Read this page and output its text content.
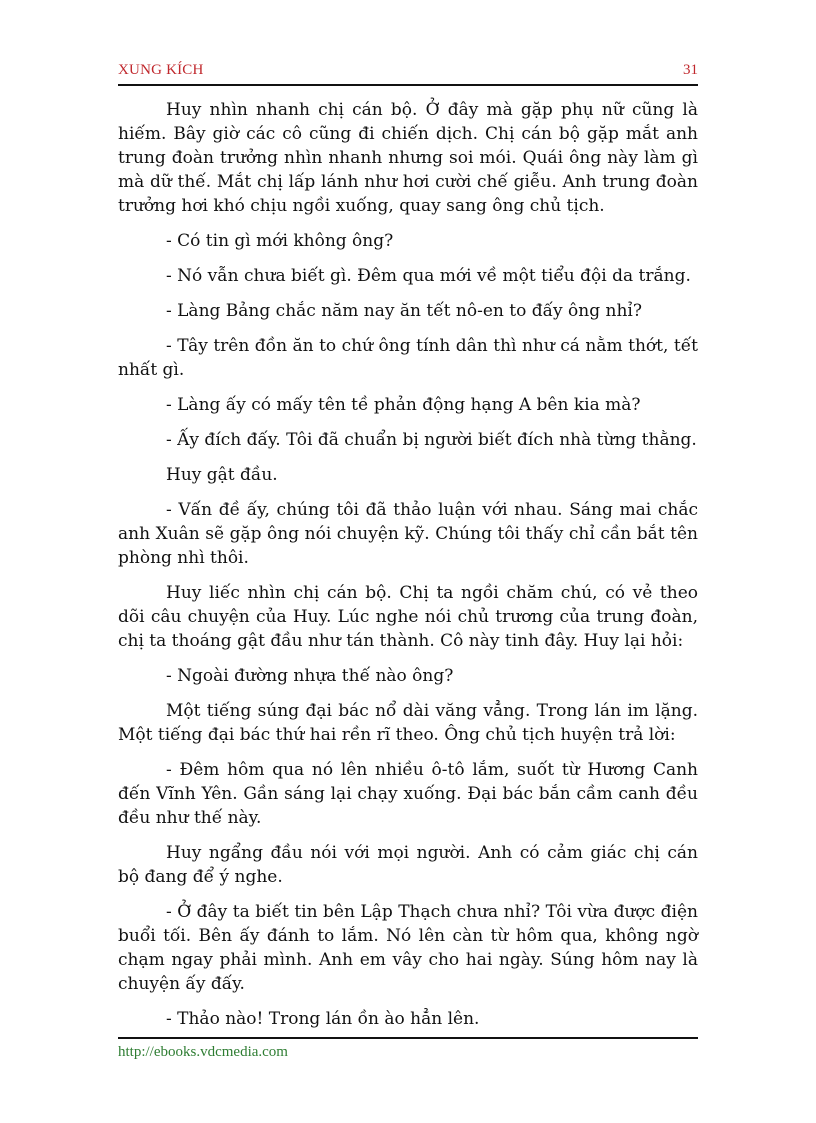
XUNG KÍCH	31

Huy nhìn nhanh chị cán bộ. Ở đây mà gặp phụ nữ cũng là hiếm. Bây giờ các cô cũng đi chiến dịch. Chị cán bộ gặp mắt anh trung đoàn trưởng nhìn nhanh nhưng soi mói. Quái ông này làm gì mà dữ thế. Mắt chị lấp lánh như hơi cười chế giễu. Anh trung đoàn trưởng hơi khó chịu ngồi xuống, quay sang ông chủ tịch.

- Có tin gì mới không ông?

- Nó vẫn chưa biết gì. Đêm qua mới về một tiểu đội da trắng.

- Làng Bảng chắc năm nay ăn tết nô-en to đấy ông nhỉ?

- Tây trên đồn ăn to chứ ông tính dân thì như cá nằm thớt, tết nhất gì.

- Làng ấy có mấy tên tề phản động hạng A bên kia mà?

- Ấy đích đấy. Tôi đã chuẩn bị người biết đích nhà từng thằng.

Huy gật đầu.

- Vấn đề ấy, chúng tôi đã thảo luận với nhau. Sáng mai chắc anh Xuân sẽ gặp ông nói chuyện kỹ. Chúng tôi thấy chỉ cần bắt tên phòng nhì thôi.

Huy liếc nhìn chị cán bộ. Chị ta ngồi chăm chú, có vẻ theo dõi câu chuyện của Huy. Lúc nghe nói chủ trương của trung đoàn, chị ta thoáng gật đầu như tán thành. Cô này tinh đây. Huy lại hỏi:

- Ngoài đường nhựa thế nào ông?

Một tiếng súng đại bác nổ dài văng vẳng. Trong lán im lặng. Một tiếng đại bác thứ hai rền rĩ theo. Ông chủ tịch huyện trả lời:

- Đêm hôm qua nó lên nhiều ô-tô lắm, suốt từ Hương Canh đến Vĩnh Yên. Gần sáng lại chạy xuống. Đại bác bắn cầm canh đều đều như thế này.

Huy ngẩng đầu nói với mọi người. Anh có cảm giác chị cán bộ đang để ý nghe.

- Ở đây ta biết tin bên Lập Thạch chưa nhỉ? Tôi vừa được điện buổi tối. Bên ấy đánh to lắm. Nó lên càn từ hôm qua, không ngờ chạm ngay phải mình. Anh em vây cho hai ngày. Súng hôm nay là chuyện ấy đấy.

- Thảo nào! Trong lán ồn ào hẳn lên.

http://ebooks.vdcmedia.com
